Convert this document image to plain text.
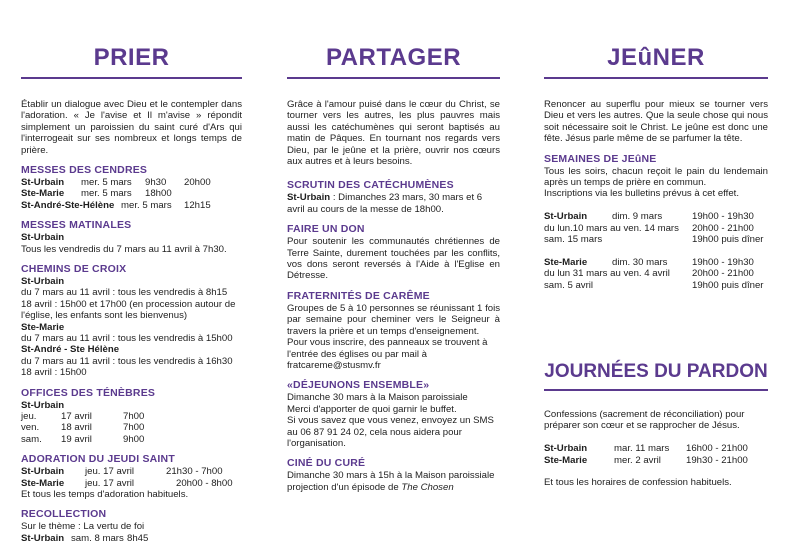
PRIER
Établir un dialogue avec Dieu et le contempler dans l'adoration. « Je l'avise et Il m'avise » répondit simplement un paroissien du saint curé d'Ars qui l'interrogeait sur ses nombreux et longs temps de prière.
MESSES DES CENDRES
St-Urbain mer. 5 mars 9h30 20h00
Ste-Marie mer. 5 mars 18h00
St-André-Ste-Hélène mer. 5 mars 12h15
MESSES MATINALES
St-Urbain
Tous les vendredis du 7 mars au 11 avril à 7h30.
CHEMINS DE CROIX
St-Urbain
du 7 mars au 11 avril : tous les vendredis à 8h15
18 avril : 15h00 et 17h00 (en procession autour de l'église, les enfants sont les bienvenus)
Ste-Marie
du 7 mars au 11 avril : tous les vendredis à 15h00
St-André - Ste Hélène
du 7 mars au 11 avril : tous les vendredis à 16h30
18 avril : 15h00
OFFICES DES TÉNÈBRES
St-Urbain
jeu.	17 avril	7h00
ven. 18 avril	7h00
sam. 19 avril	9h00
ADORATION DU JEUDI SAINT
St-Urbain jeu. 17 avril	21h30 - 7h00
Ste-Marie jeu. 17 avril	20h00 - 8h00
Et tous les temps d'adoration habituels.
RECOLLECTION
Sur le thème : La vertu de foi
St-Urbain sam. 8 mars 8h45
PARTAGER
Grâce à l'amour puisé dans le cœur du Christ, se tourner vers les autres, les plus pauvres mais aussi les catéchumènes qui seront baptisés au matin de Pâques. En tournant nos regards vers Dieu, par le jeûne et la prière, ouvrir nos cœurs aux autres et à leurs besoins.
SCRUTIN DES CATÉCHUMÈNES
St-Urbain : Dimanches 23 mars, 30 mars et 6 avril au cours de la messe de 18h00.
FAIRE UN DON
Pour soutenir les communautés chrétiennes de Terre Sainte, durement touchées par les conflits, vos dons seront reversés à l'Aide à l'Eglise en Détresse.
FRATERNITÉS DE CARÊME
Groupes de 5 à 10 personnes se réunissant 1 fois par semaine pour cheminer vers le Seigneur à travers la prière et un temps d'enseignement.
Pour vous inscrire, des panneaux se trouvent à l'entrée des églises ou par mail à
fratcareme@stusmv.fr
«DÉJEUNONS ENSEMBLE»
Dimanche 30 mars à la Maison paroissiale
Merci d'apporter de quoi garnir le buffet.
Si vous savez que vous venez, envoyez un SMS au 06 87 91 24 02, cela nous aidera pour l'organisation.
CINÉ DU CURÉ
Dimanche 30 mars à 15h à la Maison paroissiale projection d'un épisode de The Chosen
JEûNER
Renoncer au superflu pour mieux se tourner vers Dieu et vers les autres. Que la seule chose qui nous soit nécessaire soit le Christ. Le jeûne est donc une fête. Jésus parle même de se parfumer la tête.
SEMAINES DE JEûNE
Tous les soirs, chacun reçoit le pain du lendemain après un temps de prière en commun.
Inscriptions via les bulletins prévus à cet effet.
St-Urbain	dim. 9 mars	19h00 - 19h30
du lun.10 mars au ven. 14 mars 20h00 - 21h00
sam. 15 mars	19h00 puis dîner
Ste-Marie	dim. 30 mars	19h00 - 19h30
du lun 31 mars au ven. 4 avril 20h00 - 21h00
sam. 5 avril	19h00 puis dîner
JOURNÉES DU PARDON
Confessions (sacrement de réconciliation) pour préparer son cœur et se rapprocher de Jésus.
St-Urbain	mar. 11 mars 16h00 - 21h00
Ste-Marie	mer. 2 avril	19h30 - 21h00
Et tous les horaires de confession habituels.
